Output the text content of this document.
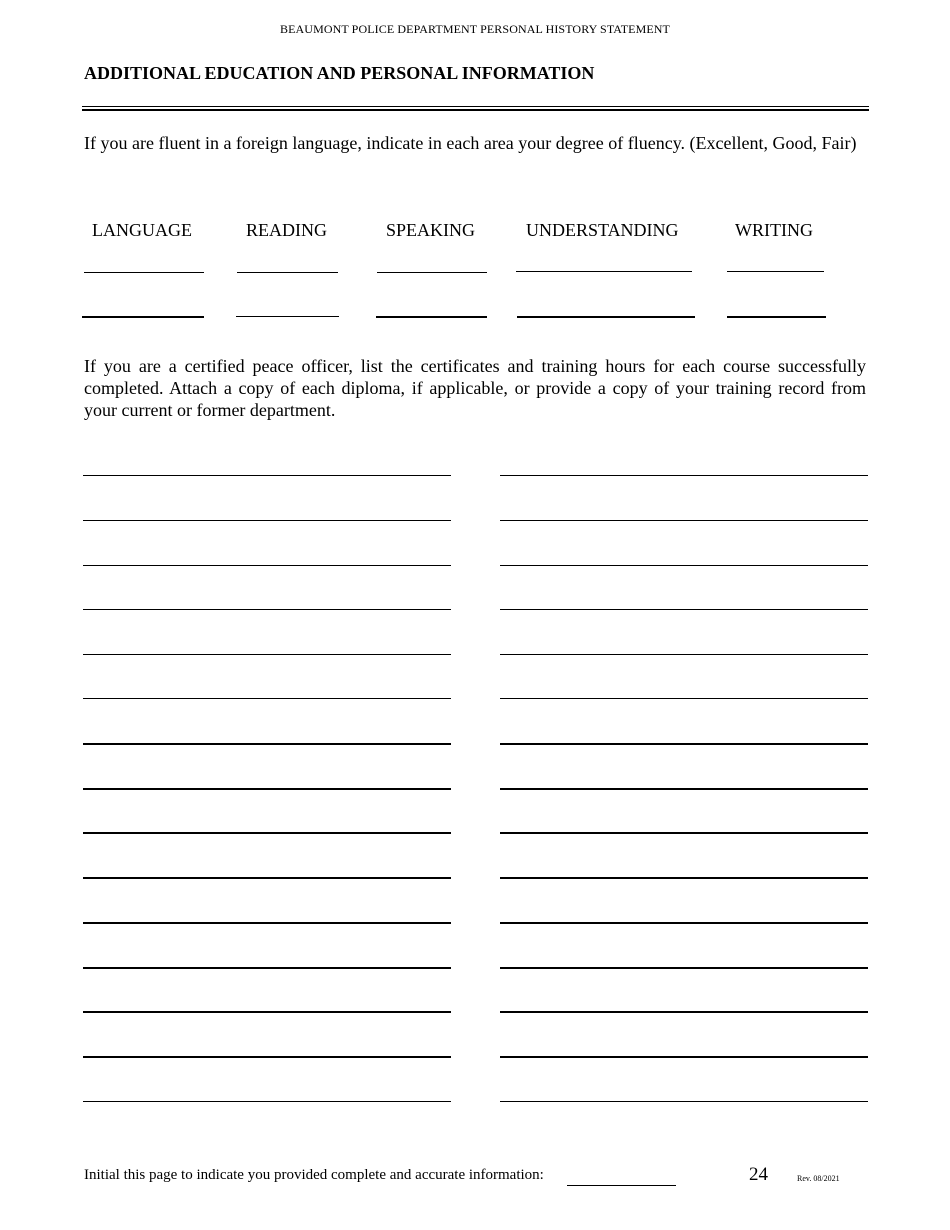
BEAUMONT POLICE DEPARTMENT PERSONAL HISTORY STATEMENT
ADDITIONAL EDUCATION AND PERSONAL INFORMATION
If you are fluent in a foreign language, indicate in each area your degree of fluency. (Excellent, Good, Fair)
LANGUAGE	READING	SPEAKING	UNDERSTANDING	WRITING
If you are a certified peace officer, list the certificates and training hours for each course successfully completed. Attach a copy of each diploma, if applicable, or provide a copy of your training record from your current or former department.
Initial this page to indicate you provided complete and accurate information:	24	Rev. 08/2021
